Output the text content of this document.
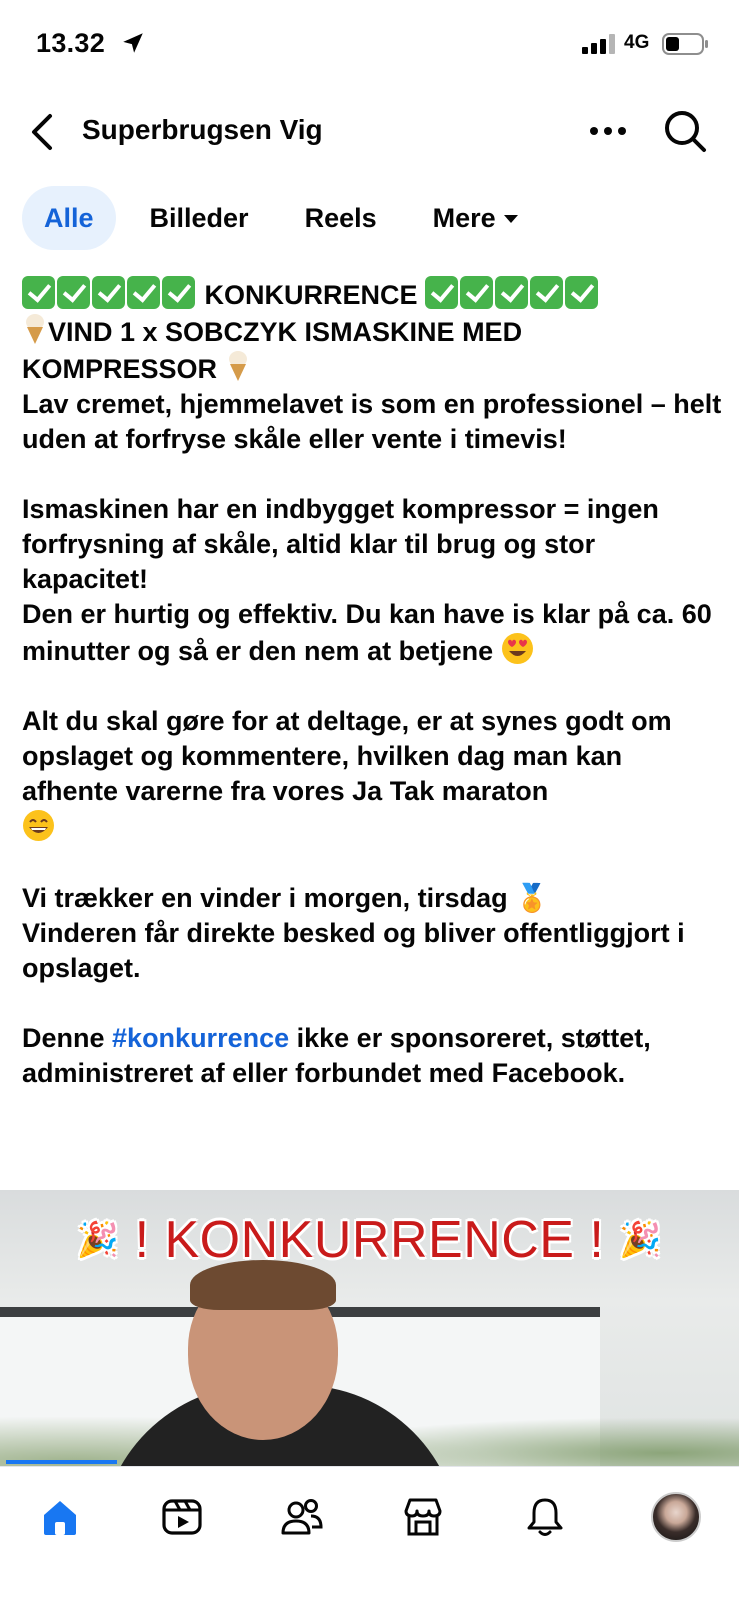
13.32	4G
Superbrugsen Vig
Alle Billeder Reels Mere

KONKURRENCE

VIND 1 x SOBCZYK ISMASKINE MED

KOMPRESSOR

Lav cremet, hjemmelavet is som en professionel – helt uden at forfryse skåle eller vente i timevis!

Ismaskinen har en indbygget kompressor = ingen forfrysning af skåle, altid klar til brug og stor kapacitet!

Den er hurtig og effektiv. Du kan have is klar på ca. 60 minutter og så er den nem at betjene

Alt du skal gøre for at deltage, er at synes godt om opslaget og kommentere, hvilken dag man kan afhente varerne fra vores Ja Tak maraton

Vi trækker en vinder i morgen, tirsdag 🏅

Vinderen får direkte besked og bliver offentliggjort i opslaget.

Denne #konkurrence ikke er sponsoreret, støttet, administreret af eller forbundet med Facebook.

🎉 ! KONKURRENCE ! 🎉
